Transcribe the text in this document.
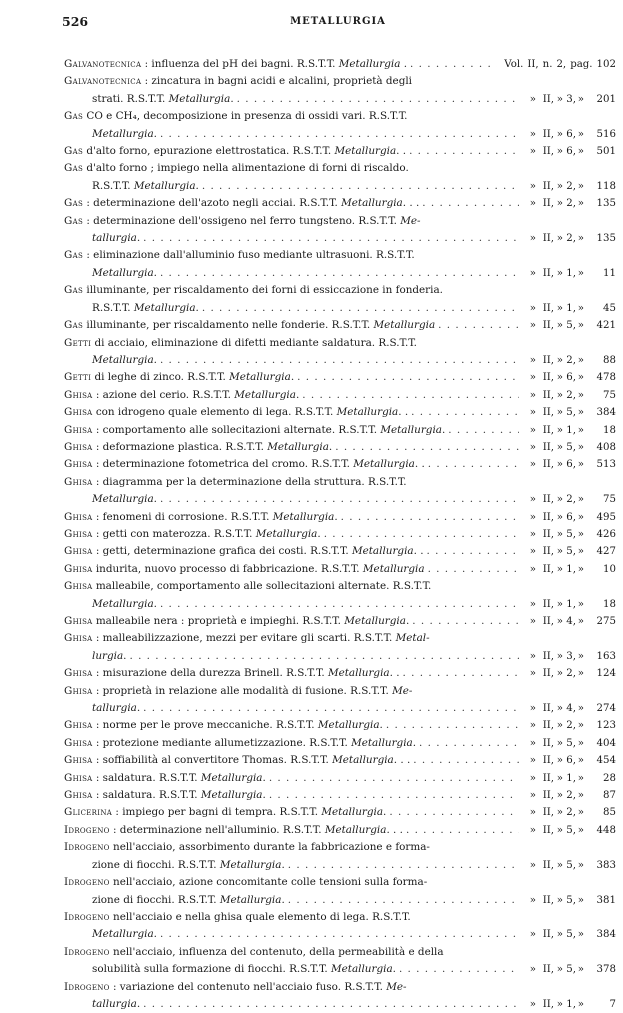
526	METALLURGIA
Galvanotecnica : influenza del pH dei bagni. R.S.T.T. Metallurgia . . . .	Vol. II, n. 2, pag. 102
Galvanotecnica : zincatura in bagni acidi e alcalini, proprietà degli
strati. R.S.T.T. Metallurgia. . . .	» II, » 3, »	201
Gas CO e CH₄, decomposizione in presenza di ossidi vari. R.S.T.T.
Metallurgia. . . .	» II, » 6, »	516
Gas d'alto forno, epurazione elettrostatica. R.S.T.T. Metallurgia. . . . .	» II, » 6, »	501
Gas d'alto forno ; impiego nella alimentazione di forni di riscaldo.
R.S.T.T. Metallurgia. . . .	» II, » 2, »	118
Gas : determinazione dell'azoto negli acciai. R.S.T.T. Metallurgia. . . . . .	» II, » 2, »	135
Gas : determinazione dell'ossigeno nel ferro tungsteno. R.S.T.T. Me-
tallurgia. . . .	» II, » 2, »	135
Gas : eliminazione dall'alluminio fuso mediante ultrasuoni. R.S.T.T.
Metallurgia. . . .	» II, » 1, »	11
Gas illuminante, per riscaldamento dei forni di essiccazione in fonderia.
R.S.T.T. Metallurgia. . . .	» II, » 1, »	45
Gas illuminante, per riscaldamento nelle fonderie. R.S.T.T. Metallurgia . . .	» II, » 5, »	421
Getti di acciaio, eliminazione di difetti mediante saldatura. R.S.T.T.
Metallurgia. . . .	» II, » 2, »	88
Getti di leghe di zinco. R.S.T.T. Metallurgia. . . .	» II, » 6, »	478
Ghisa : azione del cerio. R.S.T.T. Metallurgia. . . .	» II, » 2, »	75
Ghisa con idrogeno quale elemento di lega. R.S.T.T. Metallurgia. . . . .	» II, » 5, »	384
Ghisa : comportamento alle sollecitazioni alternate. R.S.T.T. Metallurgia. . . .	» II, » 1, »	18
Ghisa : deformazione plastica. R.S.T.T. Metallurgia. . . .	» II, » 5, »	408
Ghisa : determinazione fotometrica del cromo. R.S.T.T. Metallurgia. . . . .	» II, » 6, »	513
Ghisa : diagramma per la determinazione della struttura. R.S.T.T.
Metallurgia. . . .	» II, » 2, »	75
Ghisa : fenomeni di corrosione. R.S.T.T. Metallurgia. . . .	» II, » 6, »	495
Ghisa : getti con materozza. R.S.T.T. Metallurgia. . . .	» II, » 5, »	426
Ghisa : getti, determinazione grafica dei costi. R.S.T.T. Metallurgia. . . . .	» II, » 5, »	427
Ghisa indurita, nuovo processo di fabbricazione. R.S.T.T. Metallurgia . . .	» II, » 1, »	10
Ghisa malleabile, comportamento alle sollecitazioni alternate. R.S.T.T.
Metallurgia. . . .	» II, » 1, »	18
Ghisa malleabile nera : proprietà e impieghi. R.S.T.T. Metallurgia. . . .	» II, » 4, »	275
Ghisa : malleabilizzazione, mezzi per evitare gli scarti. R.S.T.T. Metal-
lurgia. . . .	» II, » 3, »	163
Ghisa : misurazione della durezza Brinell. R.S.T.T. Metallurgia. . . . .	» II, » 2, »	124
Ghisa : proprietà in relazione alle modalità di fusione. R.S.T.T. Me-
tallurgia. . . .	» II, » 4, »	274
Ghisa : norme per le prove meccaniche. R.S.T.T. Metallurgia. . . .	» II, » 2, »	123
Ghisa : protezione mediante allumetizzazione. R.S.T.T. Metallurgia. . . .	» II, » 5, »	404
Ghisa : soffiabilità al convertitore Thomas. R.S.T.T. Metallurgia. . . . . .	» II, » 6, »	454
Ghisa : saldatura. R.S.T.T. Metallurgia. . . .	» II, » 1, »	28
Ghisa : saldatura. R.S.T.T. Metallurgia. . . .	» II, » 2, »	87
Glicerina : impiego per bagni di tempra. R.S.T.T. Metallurgia. . . .	» II, » 2, »	85
Idrogeno : determinazione nell'alluminio. R.S.T.T. Metallurgia. . . . . .	» II, » 5, »	448
Idrogeno nell'acciaio, assorbimento durante la fabbricazione e forma-
zione di fiocchi. R.S.T.T. Metallurgia. . . .	» II, » 5, »	383
Idrogeno nell'acciaio, azione concomitante colle tensioni sulla forma-
zione di fiocchi. R.S.T.T. Metallurgia. . . .	» II, » 5, »	381
Idrogeno nell'acciaio e nella ghisa quale elemento di lega. R.S.T.T.
Metallurgia. . . .	» II, » 5, »	384
Idrogeno nell'acciaio, influenza del contenuto, della permeabilità e della
solubilità sulla formazione di fiocchi. R.S.T.T. Metallurgia. . . .	» II, » 5, »	378
Idrogeno : variazione del contenuto nell'acciaio fuso. R.S.T.T. Me-
tallurgia. . . .	» II, » 1, »	7
